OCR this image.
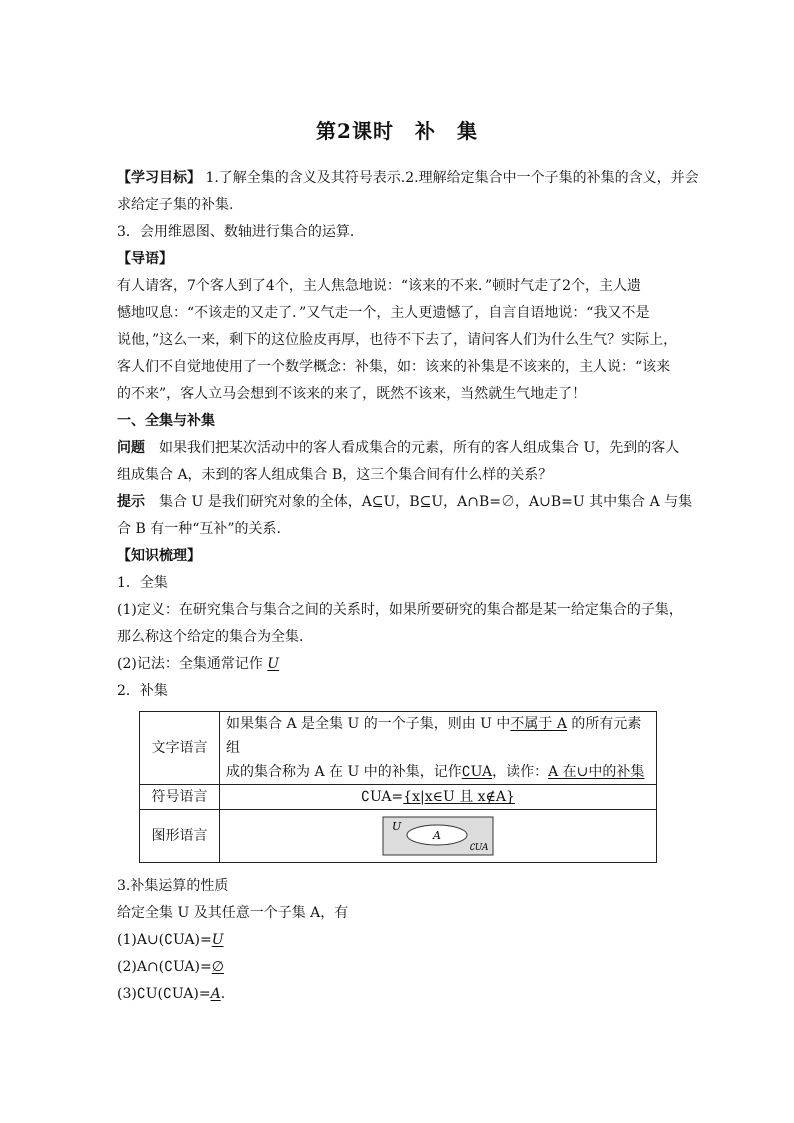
第2课时　补　集

【学习目标】 1.了解全集的含义及其符号表示.2.理解给定集合中一个子集的补集的含义，并会

求给定子集的补集.

3．会用维恩图、数轴进行集合的运算．

【导语】

有人请客，7个客人到了4个，主人焦急地说：“该来的不来．”顿时气走了2个，主人遗

憾地叹息：“不该走的又走了．”又气走一个，主人更遗憾了，自言自语地说：“我又不是

说他，”这么一来，剩下的这位脸皮再厚，也待不下去了，请问客人们为什么生气？实际上，

客人们不自觉地使用了一个数学概念：补集，如：该来的补集是不该来的，主人说：“该来

的不来”，客人立马会想到不该来的来了，既然不该来，当然就生气地走了！

一、全集与补集

问题　 如果我们把某次活动中的客人看成集合的元素，所有的客人组成集合 U，先到的客人

组成集合 A，未到的客人组成集合 B，这三个集合间有什么样的关系？

提示　 集合 U 是我们研究对象的全体，A⊆U，B⊆U，A∩B=∅，A∪B=U 其中集合 A 与集

合 B 有一种“互补”的关系．

【知识梳理】

1．全集

(1)定义：在研究集合与集合之间的关系时，如果所要研究的集合都是某一给定集合的子集，

那么称这个给定的集合为全集．

(2)记法：全集通常记作 U

2．补集

文字语言	如果集合 A 是全集 U 的一个子集，则由 U 中不属于 A 的所有元素组
成的集合称为 A 在 U 中的补集，记作∁UA，读作：A 在∪中的补集

符号语言	∁UA={x|x∈U 且 x∉A}
图形语言	U
A
∁UA

3.补集运算的性质

给定全集 U 及其任意一个子集 A，有

(1)A∪(∁UA)=U

(2)A∩(∁UA)=∅

(3)∁U(∁UA)=A.
